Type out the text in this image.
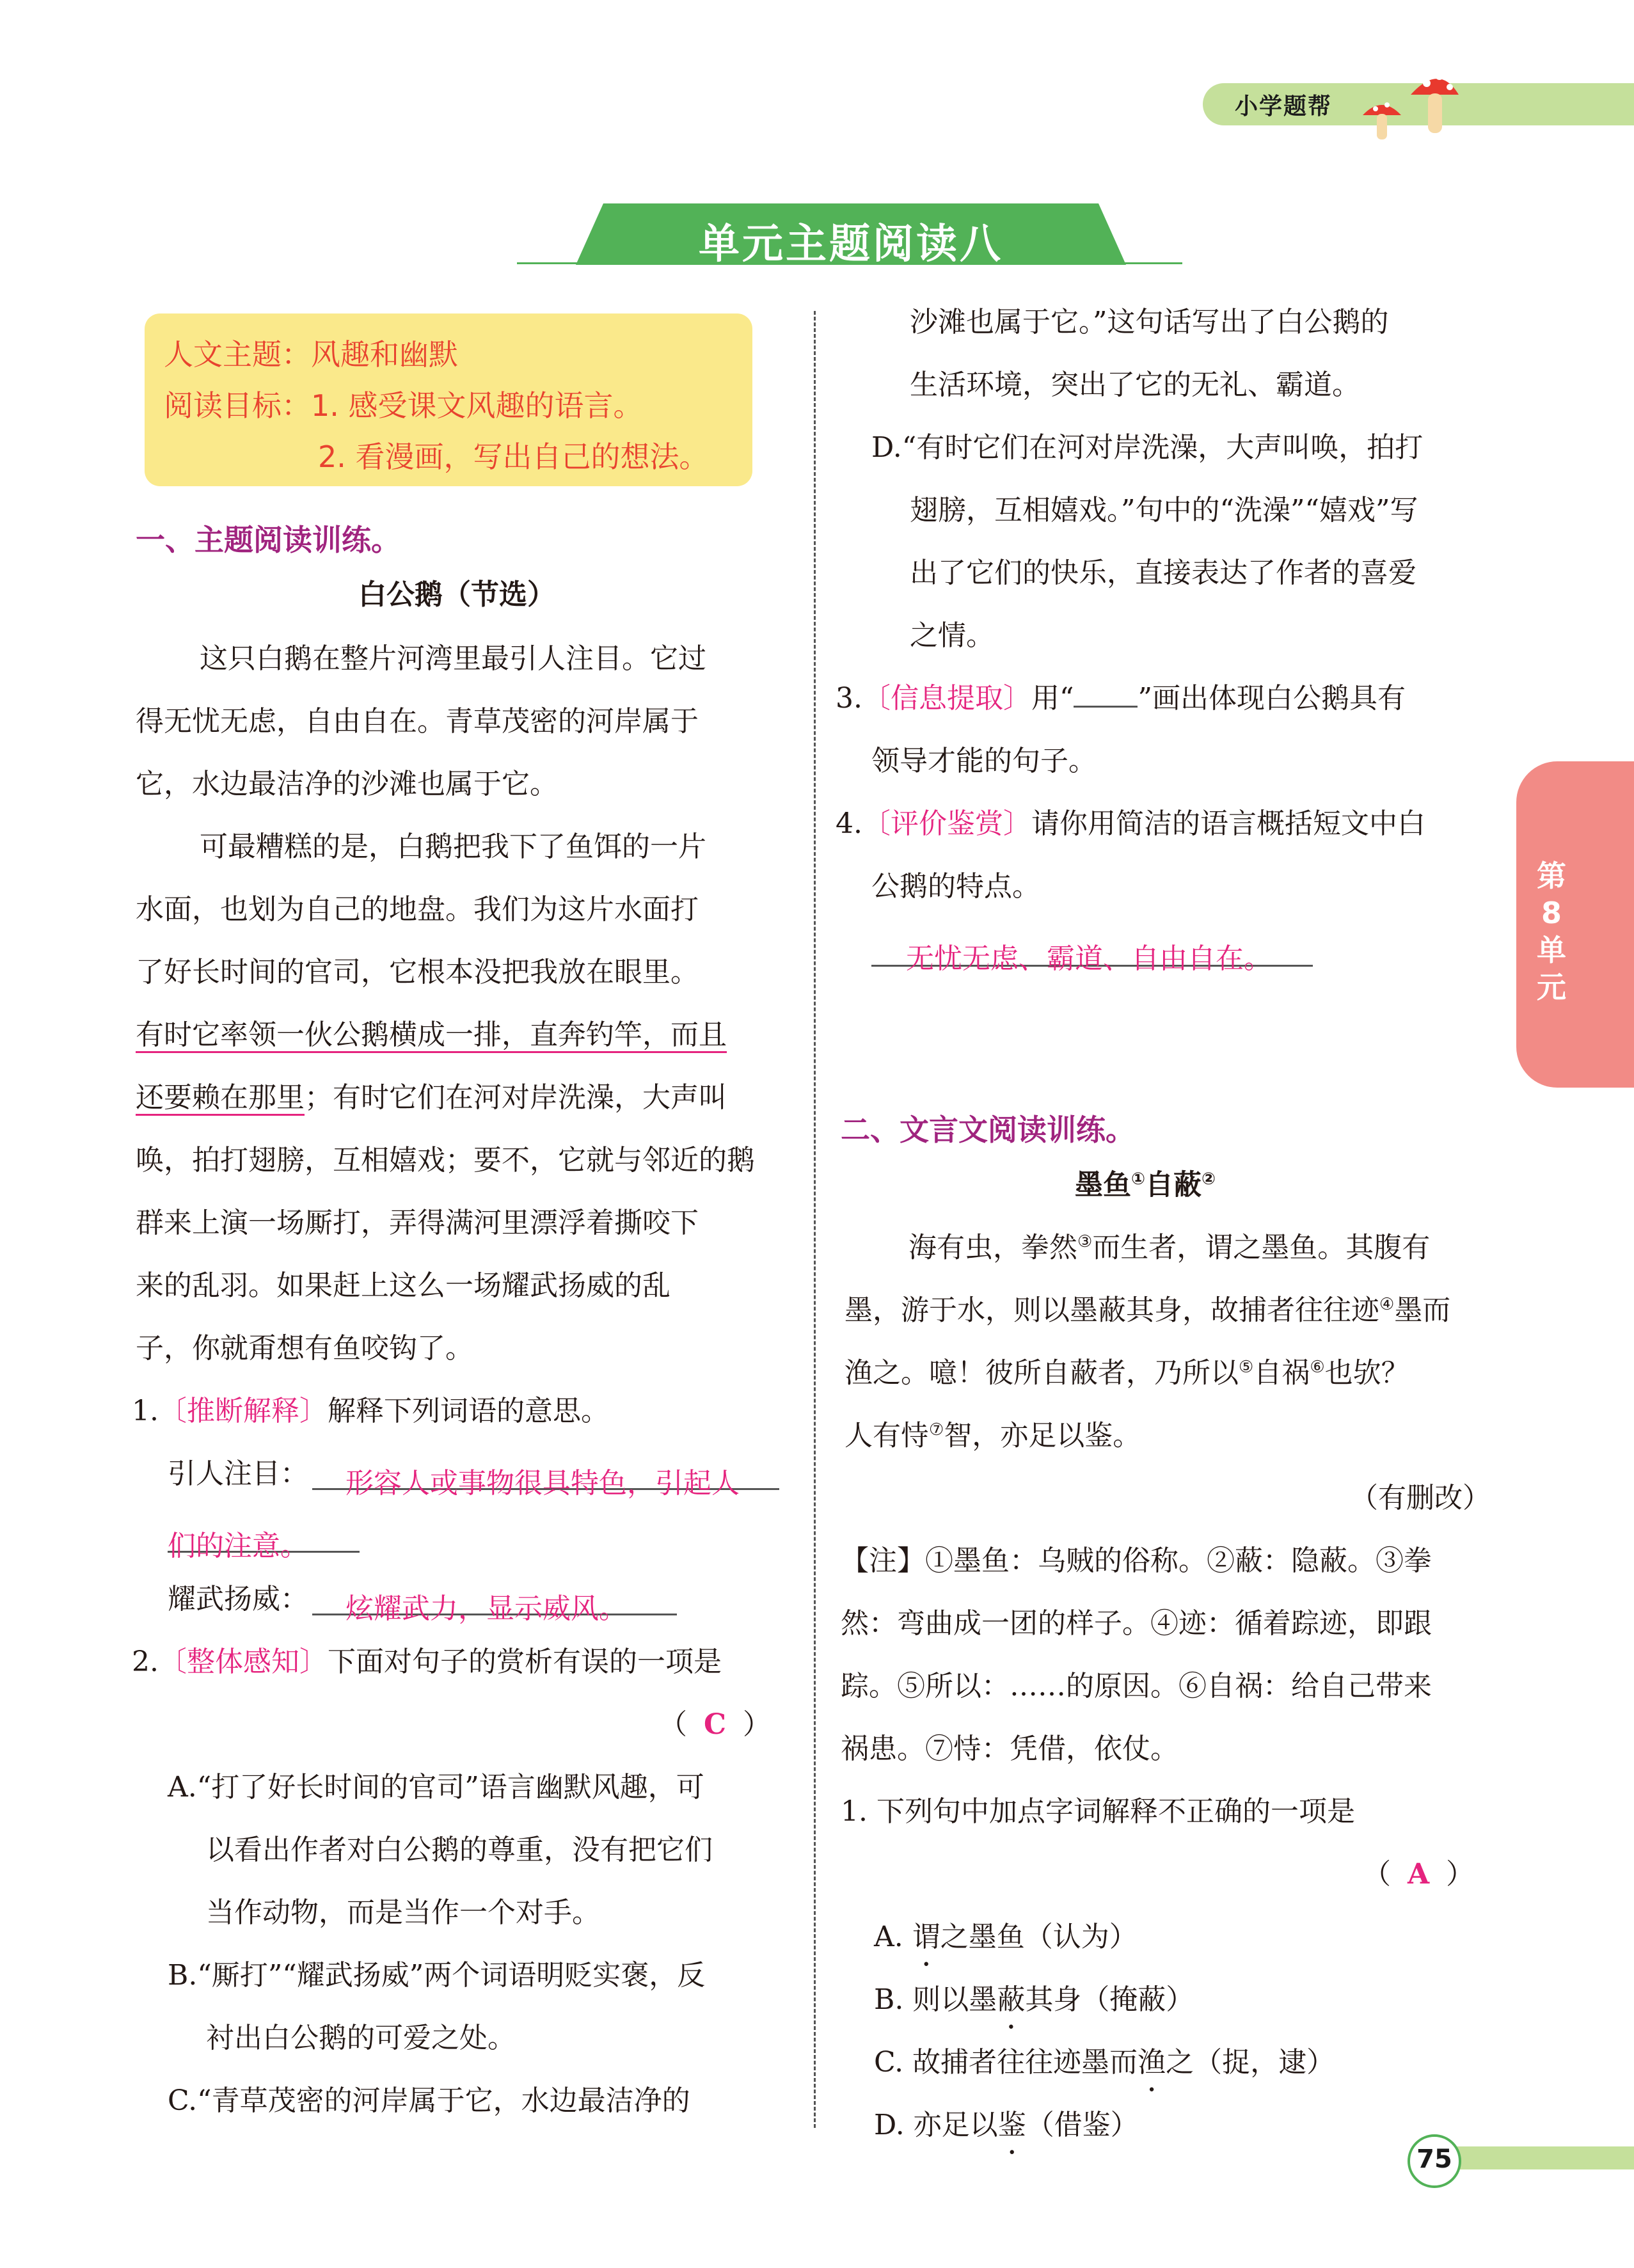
小学题帮
单元主题阅读八
人文主题：风趣和幽默
阅读目标：1. 感受课文风趣的语言。
2. 看漫画，写出自己的想法。
第8单元
一、主题阅读训练。
白公鹅（节选）
这只白鹅在整片河湾里最引人注目。它过
得无忧无虑，自由自在。青草茂密的河岸属于
它，水边最洁净的沙滩也属于它。
可最糟糕的是，白鹅把我下了鱼饵的一片
水面，也划为自己的地盘。我们为这片水面打
了好长时间的官司，它根本没把我放在眼里。
有时它率领一伙公鹅横成一排，直奔钓竿，而且
还要赖在那里；有时它们在河对岸洗澡，大声叫
唤，拍打翅膀，互相嬉戏；要不，它就与邻近的鹅
群来上演一场厮打，弄得满河里漂浮着撕咬下
来的乱羽。如果赶上这么一场耀武扬威的乱
子，你就甭想有鱼咬钩了。
1.〔推断解释〕解释下列词语的意思。
引人注目： 形容人或事物很具特色，引起人
们的注意。
耀武扬威： 炫耀武力，显示威风。
2.〔整体感知〕下面对句子的赏析有误的一项是
（ C ）
A.“打了好长时间的官司”语言幽默风趣，可
以看出作者对白公鹅的尊重，没有把它们
当作动物，而是当作一个对手。
B.“厮打”“耀武扬威”两个词语明贬实褒，反
衬出白公鹅的可爱之处。
C.“青草茂密的河岸属于它，水边最洁净的
沙滩也属于它。”这句话写出了白公鹅的
生活环境，突出了它的无礼、霸道。
D.“有时它们在河对岸洗澡，大声叫唤，拍打
翅膀，互相嬉戏。”句中的“洗澡”“嬉戏”写
出了它们的快乐，直接表达了作者的喜爱
之情。
3.〔信息提取〕用“ ”画出体现白公鹅具有
领导才能的句子。
4.〔评价鉴赏〕请你用简洁的语言概括短文中白
公鹅的特点。
无忧无虑、霸道、自由自在。
二、文言文阅读训练。
墨鱼①自蔽②
海有虫，拳然③而生者，谓之墨鱼。其腹有
墨，游于水，则以墨蔽其身，故捕者往往迹④墨而
渔之。噫！彼所自蔽者，乃所以⑤自祸⑥也欤？
人有恃⑦智，亦足以鉴。
（有删改）
【注】①墨鱼：乌贼的俗称。②蔽：隐蔽。③拳
然：弯曲成一团的样子。④迹：循着踪迹，即跟
踪。⑤所以：……的原因。⑥自祸：给自己带来
祸患。⑦恃：凭借，依仗。
1. 下列句中加点字词解释不正确的一项是
（ A ）
A. 谓之墨鱼（认为）
B. 则以墨蔽其身（掩蔽）
C. 故捕者往往迹墨而渔之（捉，逮）
D. 亦足以鉴（借鉴）
75
